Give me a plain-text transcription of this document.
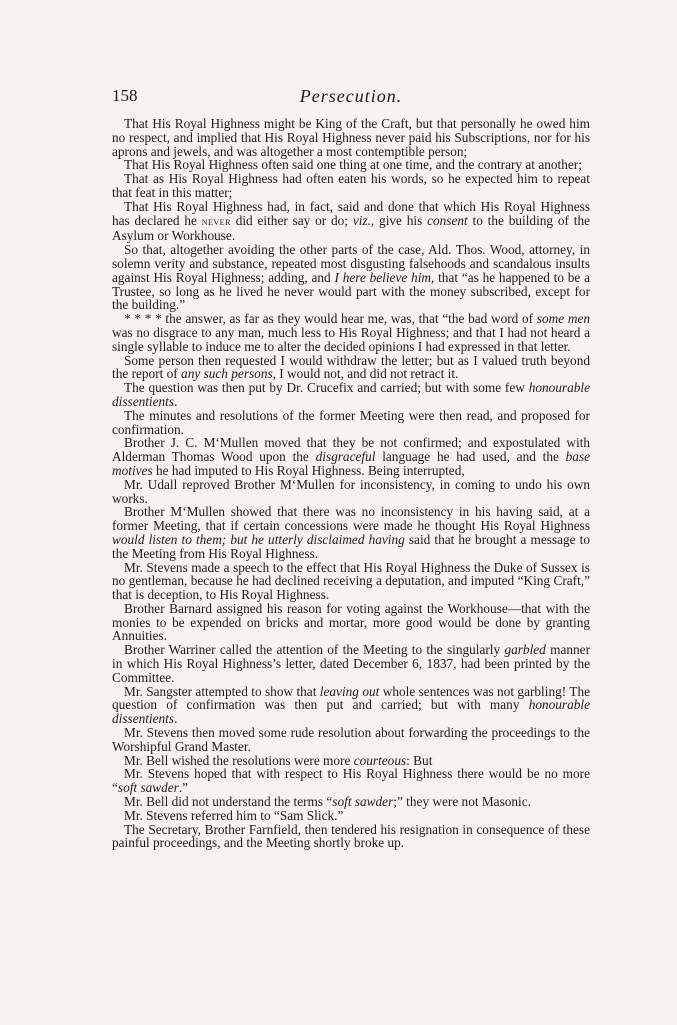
158	Persecution.

That His Royal Highness might be King of the Craft, but that personally he owed him no respect, and implied that His Royal Highness never paid his Subscriptions, nor for his aprons and jewels, and was altogether a most contemptible person;

That His Royal Highness often said one thing at one time, and the contrary at another;

That as His Royal Highness had often eaten his words, so he expected him to repeat that feat in this matter;

That His Royal Highness had, in fact, said and done that which His Royal Highness has declared he never did either say or do; viz., give his consent to the building of the Asylum or Workhouse.

So that, altogether avoiding the other parts of the case, Ald. Thos. Wood, attorney, in solemn verity and substance, repeated most disgusting falsehoods and scandalous insults against His Royal Highness; adding, and I here believe him, that “as he happened to be a Trustee, so long as he lived he never would part with the money subscribed, except for the building.”

* * * * the answer, as far as they would hear me, was, that “the bad word of some men was no disgrace to any man, much less to His Royal Highness; and that I had not heard a single syllable to induce me to alter the decided opinions I had expressed in that letter.

Some person then requested I would withdraw the letter; but as I valued truth beyond the report of any such persons, I would not, and did not retract it.

The question was then put by Dr. Crucefix and carried; but with some few honourable dissentients.

The minutes and resolutions of the former Meeting were then read, and proposed for confirmation.

Brother J. C. M‘Mullen moved that they be not confirmed; and expostulated with Alderman Thomas Wood upon the disgraceful language he had used, and the base motives he had imputed to His Royal Highness. Being interrupted,

Mr. Udall reproved Brother M‘Mullen for inconsistency, in coming to undo his own works.

Brother M‘Mullen showed that there was no inconsistency in his having said, at a former Meeting, that if certain concessions were made he thought His Royal Highness would listen to them; but he utterly disclaimed having said that he brought a message to the Meeting from His Royal Highness.

Mr. Stevens made a speech to the effect that His Royal Highness the Duke of Sussex is no gentleman, because he had declined receiving a deputation, and imputed “King Craft,” that is deception, to His Royal Highness.

Brother Barnard assigned his reason for voting against the Workhouse—that with the monies to be expended on bricks and mortar, more good would be done by granting Annuities.

Brother Warriner called the attention of the Meeting to the singularly garbled manner in which His Royal Highness’s letter, dated December 6, 1837, had been printed by the Committee.

Mr. Sangster attempted to show that leaving out whole sentences was not garbling! The question of confirmation was then put and carried; but with many honourable dissentients.

Mr. Stevens then moved some rude resolution about forwarding the proceedings to the Worshipful Grand Master.

Mr. Bell wished the resolutions were more courteous: But

Mr. Stevens hoped that with respect to His Royal Highness there would be no more “soft sawder.”

Mr. Bell did not understand the terms “soft sawder;” they were not Masonic.

Mr. Stevens referred him to “Sam Slick.”

The Secretary, Brother Farnfield, then tendered his resignation in consequence of these painful proceedings, and the Meeting shortly broke up.
